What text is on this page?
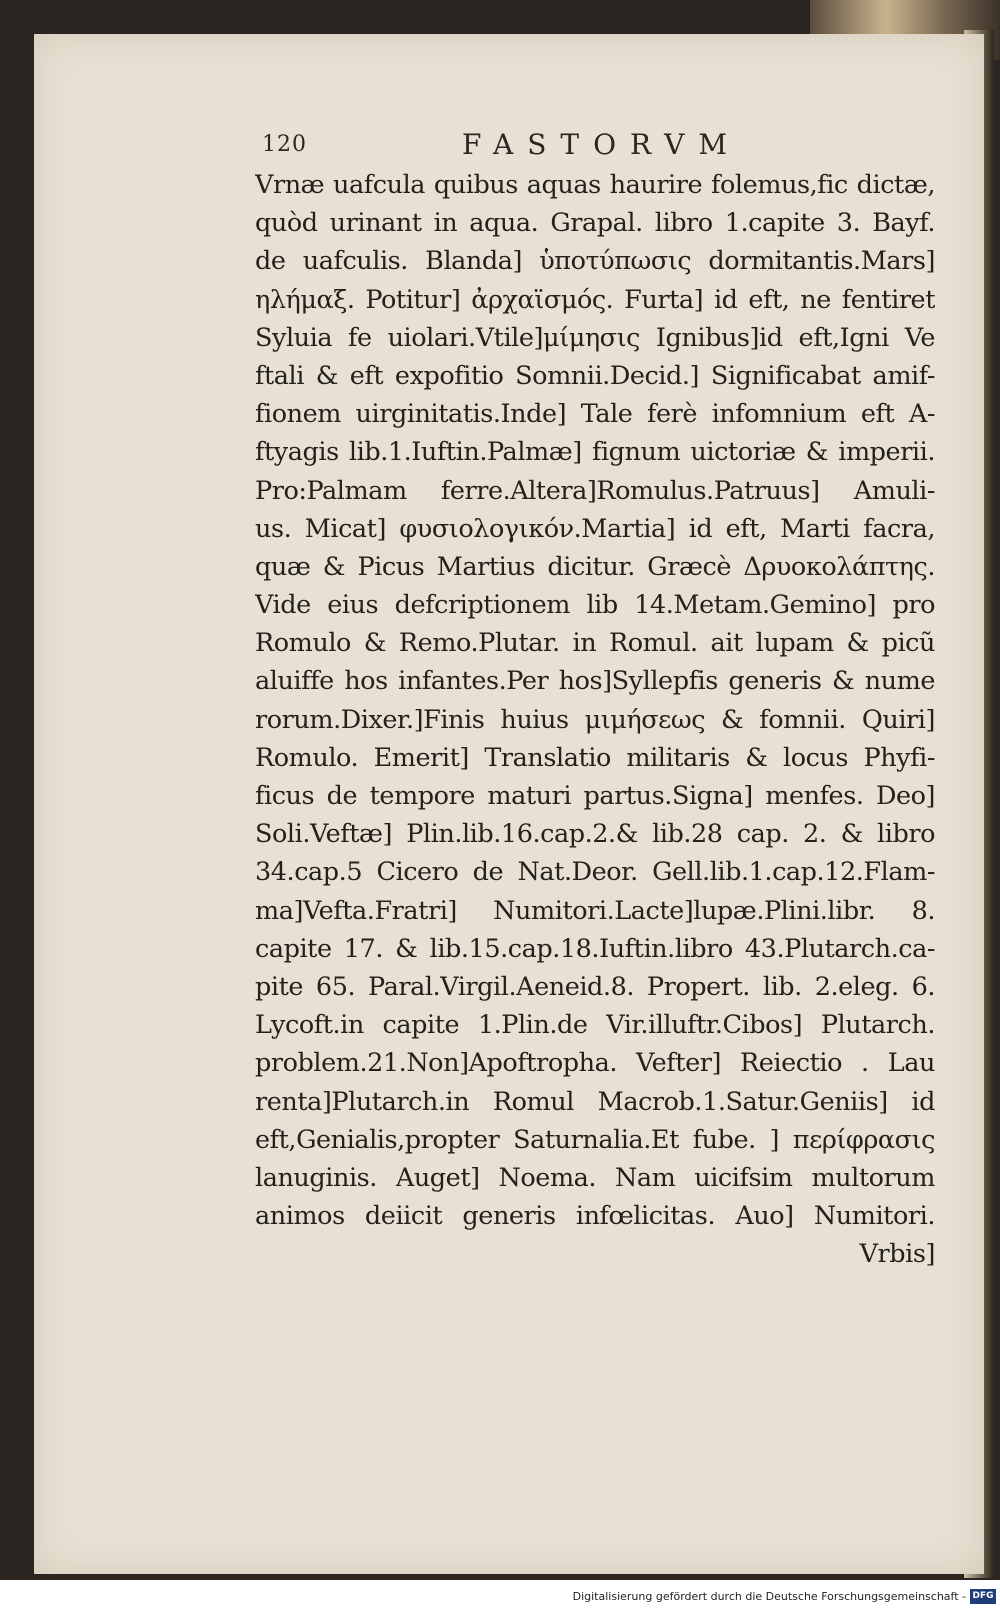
120	FASTORVM
Vrnæ uafcula quibus aquas haurire folemus,fic dictæ,
quòd urinant in aqua. Grapal. libro 1.capite 3. Bayf.
de uafculis. Blanda] ὑποτύπωσις dormitantis.Mars]
ηλήμαξ. Potitur] ἀρχαϊσμός. Furta] id eft, ne fentiret
Syluia fe uiolari.Vtile]μίμησις Ignibus]id eft,Igni Ve
ftali & eft expofitio Somnii.Decid.] Significabat amif-
fionem uirginitatis.Inde] Tale ferè infomnium eft A-
ftyagis lib.1.Iuftin.Palmæ] fignum uictoriæ & imperii.
Pro:Palmam ferre.Altera]Romulus.Patruus] Amuli-
us. Micat] φυσιολογικόν.Martia] id eft, Marti facra,
quæ & Picus Martius dicitur. Græcè Δρυοκολάπτης.
Vide eius defcriptionem lib 14.Metam.Gemino] pro
Romulo & Remo.Plutar. in Romul. ait lupam & picũ
aluiffe hos infantes.Per hos]Syllepfis generis & nume
rorum.Dixer.]Finis huius μιμήσεως & fomnii. Quiri]
Romulo. Emerit] Translatio militaris & locus Phyfi-
ficus de tempore maturi partus.Signa] menfes. Deo]
Soli.Veftæ] Plin.lib.16.cap.2.& lib.28 cap. 2. & libro
34.cap.5 Cicero de Nat.Deor. Gell.lib.1.cap.12.Flam-
ma]Vefta.Fratri] Numitori.Lacte]lupæ.Plini.libr. 8.
capite 17. & lib.15.cap.18.Iuftin.libro 43.Plutarch.ca-
pite 65. Paral.Virgil.Aeneid.8. Propert. lib. 2.eleg. 6.
Lycoft.in capite 1.Plin.de Vir.illuftr.Cibos] Plutarch.
problem.21.Non]Apoftropha. Vefter] Reiectio . Lau
renta]Plutarch.in Romul Macrob.1.Satur.Geniis] id
eft,Genialis,propter Saturnalia.Et fube. ] περίφρασις
lanuginis. Auget] Noema. Nam uicifsim multorum
animos deiicit generis infœlicitas. Auo] Numitori.
Vrbis]
Digitalisierung gefördert durch die Deutsche Forschungsgemeinschaft - DFG
